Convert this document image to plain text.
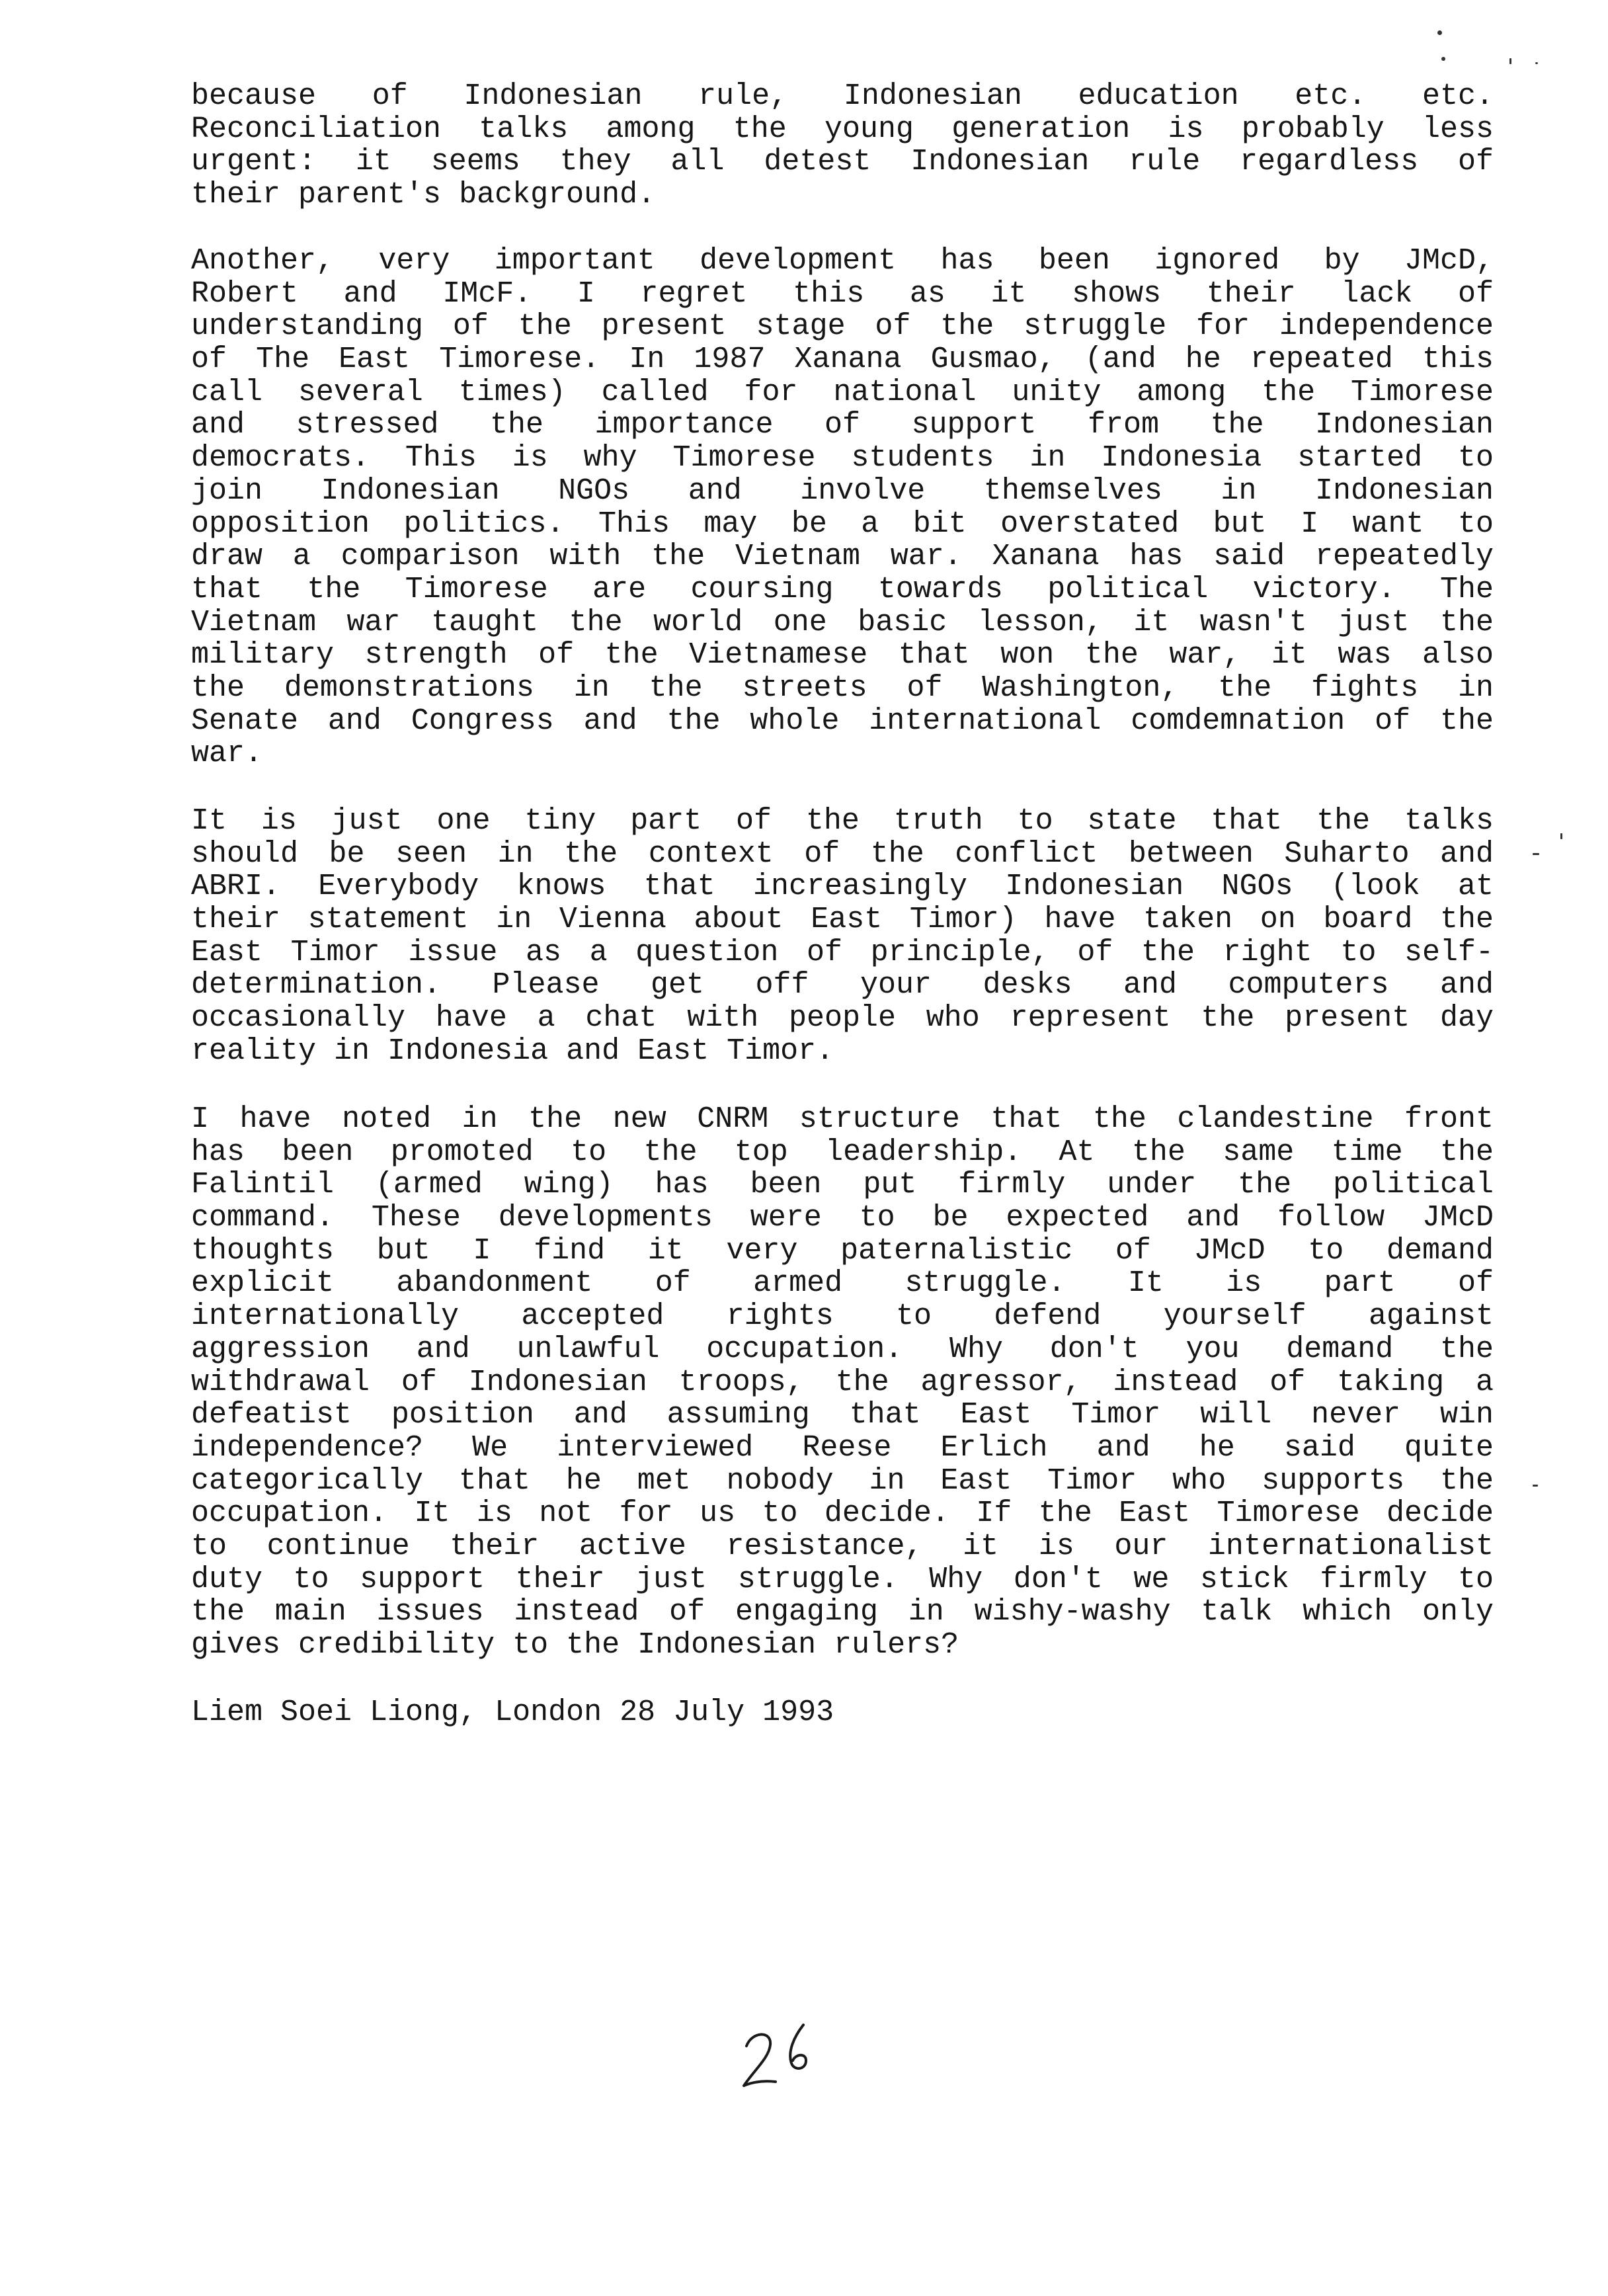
because of Indonesian rule, Indonesian education etc. etc.
Reconciliation talks among the young generation is probably less
urgent: it seems they all detest Indonesian rule regardless of
their parent's background.
Another, very important development has been ignored by JMcD,
Robert and IMcF. I regret this as it shows their lack of
understanding of the present stage of the struggle for independence
of The East Timorese. In 1987 Xanana Gusmao, (and he repeated this
call several times) called for national unity among the Timorese
and stressed the importance of support from the Indonesian
democrats. This is why Timorese students in Indonesia started to
join Indonesian NGOs and involve themselves in Indonesian
opposition politics. This may be a bit overstated but I want to
draw a comparison with the Vietnam war. Xanana has said repeatedly
that the Timorese are coursing towards political victory. The
Vietnam war taught the world one basic lesson, it wasn't just the
military strength of the Vietnamese that won the war, it was also
the demonstrations in the streets of Washington, the fights in
Senate and Congress and the whole international comdemnation of the
war.
It is just one tiny part of the truth to state that the talks
should be seen in the context of the conflict between Suharto and
ABRI. Everybody knows that increasingly Indonesian NGOs (look at
their statement in Vienna about East Timor) have taken on board the
East Timor issue as a question of principle, of the right to self-
determination. Please get off your desks and computers and
occasionally have a chat with people who represent the present day
reality in Indonesia and East Timor.
I have noted in the new CNRM structure that the clandestine front
has been promoted to the top leadership. At the same time the
Falintil (armed wing) has been put firmly under the political
command. These developments were to be expected and follow JMcD
thoughts but I find it very paternalistic of JMcD to demand
explicit abandonment of armed struggle. It is part of
internationally accepted rights to defend yourself against
aggression and unlawful occupation. Why don't you demand the
withdrawal of Indonesian troops, the agressor, instead of taking a
defeatist position and assuming that East Timor will never win
independence? We interviewed Reese Erlich and he said quite
categorically that he met nobody in East Timor who supports the
occupation. It is not for us to decide. If the East Timorese decide
to continue their active resistance, it is our internationalist
duty to support their just struggle. Why don't we stick firmly to
the main issues instead of engaging in wishy-washy talk which only
gives credibility to the Indonesian rulers?
Liem Soei Liong, London 28 July 1993
